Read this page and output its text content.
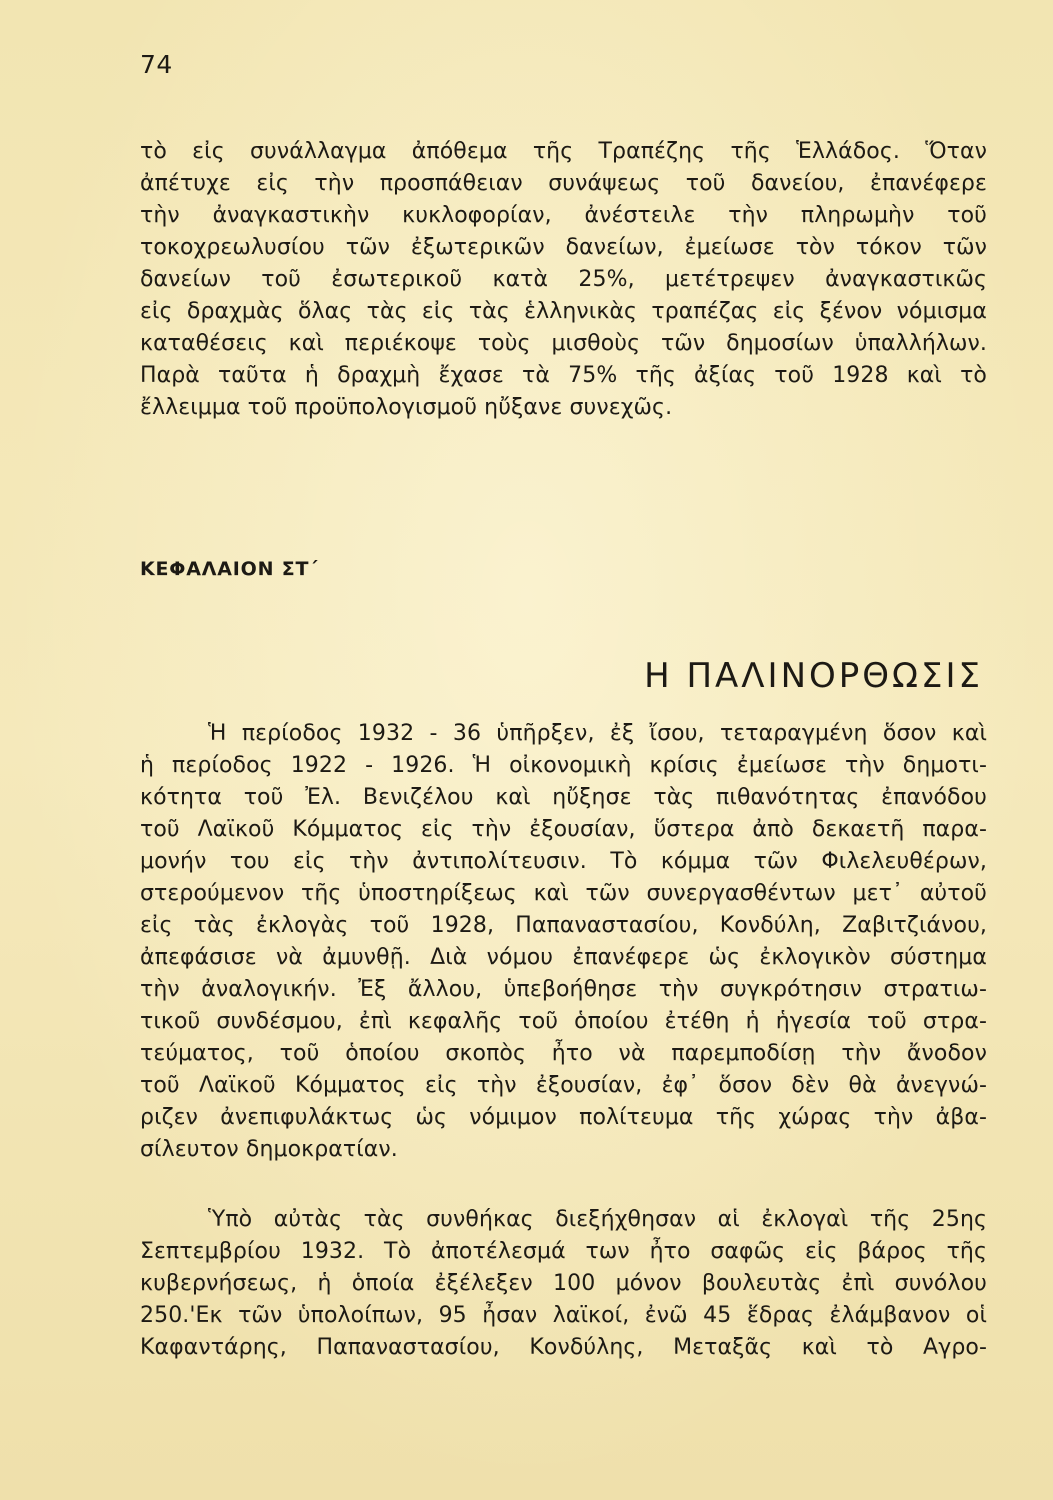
74
τὸ εἰς συνάλλαγμα ἀπόθεμα τῆς Τραπέζης τῆς Ἑλλάδος. Ὅταν
ἀπέτυχε εἰς τὴν προσπάθειαν συνάψεως τοῦ δανείου, ἐπανέφερε
τὴν ἀναγκαστικὴν κυκλοφορίαν, ἀνέστειλε τὴν πληρωμὴν τοῦ
τοκοχρεωλυσίου τῶν ἐξωτερικῶν δανείων, ἐμείωσε τὸν τόκον τῶν
δανείων τοῦ ἐσωτερικοῦ κατὰ 25%, μετέτρεψεν ἀναγκαστικῶς
εἰς δραχμὰς ὅλας τὰς εἰς τὰς ἑλληνικὰς τραπέζας εἰς ξένον νόμισμα
καταθέσεις καὶ περιέκοψε τοὺς μισθοὺς τῶν δημοσίων ὑπαλλήλων.
Παρὰ ταῦτα ἡ δραχμὴ ἔχασε τὰ 75% τῆς ἀξίας τοῦ 1928 καὶ τὸ
ἔλλειμμα τοῦ προϋπολογισμοῦ ηὔξανε συνεχῶς.
ΚΕΦΑΛΑΙΟΝ ΣΤ΄
Η ΠΑΛΙΝΟΡΘΩΣΙΣ
Ἡ περίοδος 1932 - 36 ὑπῆρξεν, ἐξ ἴσου, τεταραγμένη ὅσον καὶ
ἡ περίοδος 1922 - 1926. Ἡ οἰκονομικὴ κρίσις ἐμείωσε τὴν δημοτι-
κότητα τοῦ Ἐλ. Βενιζέλου καὶ ηὔξησε τὰς πιθανότητας ἐπανόδου
τοῦ Λαϊκοῦ Κόμματος εἰς τὴν ἐξουσίαν, ὕστερα ἀπὸ δεκαετῆ παρα-
μονήν του εἰς τὴν ἀντιπολίτευσιν. Τὸ κόμμα τῶν Φιλελευθέρων,
στερούμενον τῆς ὑποστηρίξεως καὶ τῶν συνεργασθέντων μετ᾽ αὐτοῦ
εἰς τὰς ἐκλογὰς τοῦ 1928, Παπαναστασίου, Κονδύλη, Ζαβιτζιάνου,
ἀπεφάσισε νὰ ἀμυνθῇ. Διὰ νόμου ἐπανέφερε ὡς ἐκλογικὸν σύστημα
τὴν ἀναλογικήν. Ἐξ ἄλλου, ὑπεβοήθησε τὴν συγκρότησιν στρατιω-
τικοῦ συνδέσμου, ἐπὶ κεφαλῆς τοῦ ὁποίου ἐτέθη ἡ ἡγεσία τοῦ στρα-
τεύματος, τοῦ ὁποίου σκοπὸς ἦτο νὰ παρεμποδίσῃ τὴν ἄνοδον
τοῦ Λαϊκοῦ Κόμματος εἰς τὴν ἐξουσίαν, ἐφ᾽ ὅσον δὲν θὰ ἀνεγνώ-
ριζεν ἀνεπιφυλάκτως ὡς νόμιμον πολίτευμα τῆς χώρας τὴν ἀβα-
σίλευτον δημοκρατίαν.
Ὑπὸ αὐτὰς τὰς συνθήκας διεξήχθησαν αἱ ἐκλογαὶ τῆς 25ης
Σεπτεμβρίου 1932. Τὸ ἀποτέλεσμά των ἦτο σαφῶς εἰς βάρος τῆς
κυβερνήσεως, ἡ ὁποία ἐξέλεξεν 100 μόνον βουλευτὰς ἐπὶ συνόλου
250.'Εκ τῶν ὑπολοίπων, 95 ἦσαν λαϊκοί, ἐνῶ 45 ἕδρας ἐλάμβανον οἱ
Καφαντάρης, Παπαναστασίου, Κονδύλης, Μεταξᾶς καὶ τὸ Αγρο-
